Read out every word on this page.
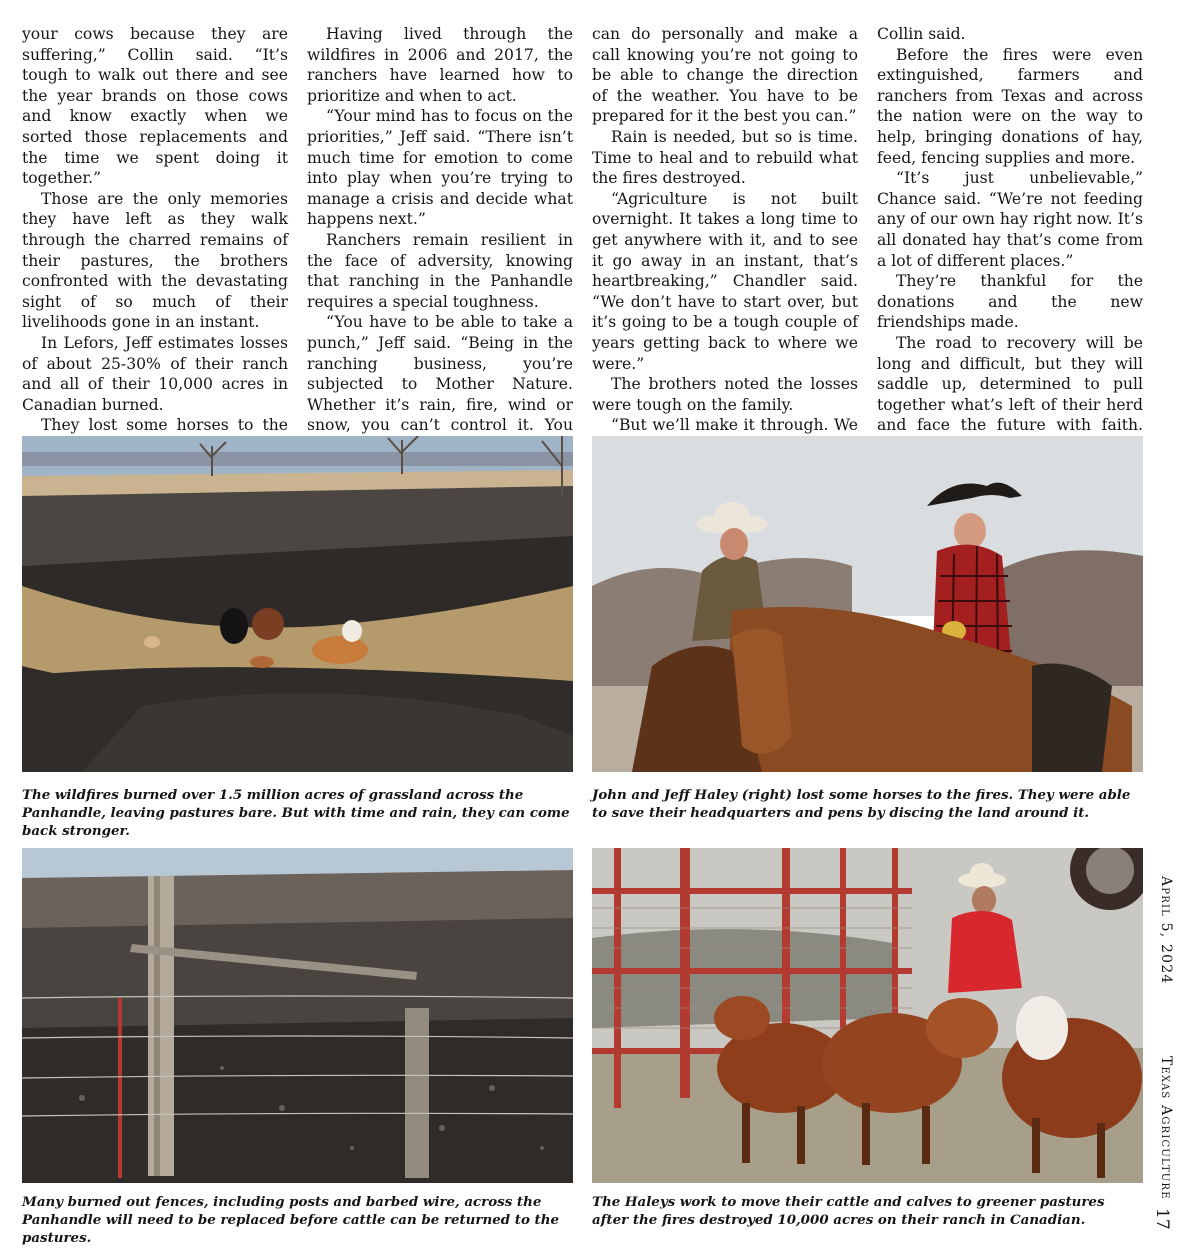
your cows because they are suffering,” Collin said. “It’s tough to walk out there and see the year brands on those cows and know exactly when we sorted those replacements and the time we spent doing it together.”

Those are the only memories they have left as they walk through the charred remains of their pastures, the brothers confronted with the devastating sight of so much of their livelihoods gone in an instant.

In Lefors, Jeff estimates losses of about 25-30% of their ranch and all of their 10,000 acres in Canadian burned.

They lost some horses to the

Having lived through the wildfires in 2006 and 2017, the ranchers have learned how to prioritize and when to act.

“Your mind has to focus on the priorities,” Jeff said. “There isn’t much time for emotion to come into play when you’re trying to manage a crisis and decide what happens next.”

Ranchers remain resilient in the face of adversity, knowing that ranching in the Panhandle requires a special toughness.

“You have to be able to take a punch,” Jeff said. “Being in the ranching business, you’re subjected to Mother Nature. Whether it’s rain, fire, wind or snow, you can’t control it. You

can do personally and make a call knowing you’re not going to be able to change the direction of the weather. You have to be prepared for it the best you can.”

Rain is needed, but so is time. Time to heal and to rebuild what the fires destroyed.

“Agriculture is not built overnight. It takes a long time to get anywhere with it, and to see it go away in an instant, that’s heartbreaking,” Chandler said. “We don’t have to start over, but it’s going to be a tough couple of years getting back to where we were.”

The brothers noted the losses were tough on the family.

“But we’ll make it through. We

Collin said.

Before the fires were even extinguished, farmers and ranchers from Texas and across the nation were on the way to help, bringing donations of hay, feed, fencing supplies and more.

“It’s just unbelievable,” Chance said. “We’re not feeding any of our own hay right now. It’s all donated hay that’s come from a lot of different places.”

They’re thankful for the donations and the new friendships made.

The road to recovery will be long and difficult, but they will saddle up, determined to pull together what’s left of their herd and face the future with faith.

The wildfires burned over 1.5 million acres of grassland across the Panhandle, leaving pastures bare. But with time and rain, they can come back stronger.
John and Jeff Haley (right) lost some horses to the fires. They were able to save their headquarters and pens by discing the land around it.
Many burned out fences, including posts and barbed wire, across the Panhandle will need to be replaced before cattle can be returned to the pastures.
The Haleys work to move their cattle and calves to greener pastures after the fires destroyed 10,000 acres on their ranch in Canadian.
April 5, 2024
Texas Agriculture
17
